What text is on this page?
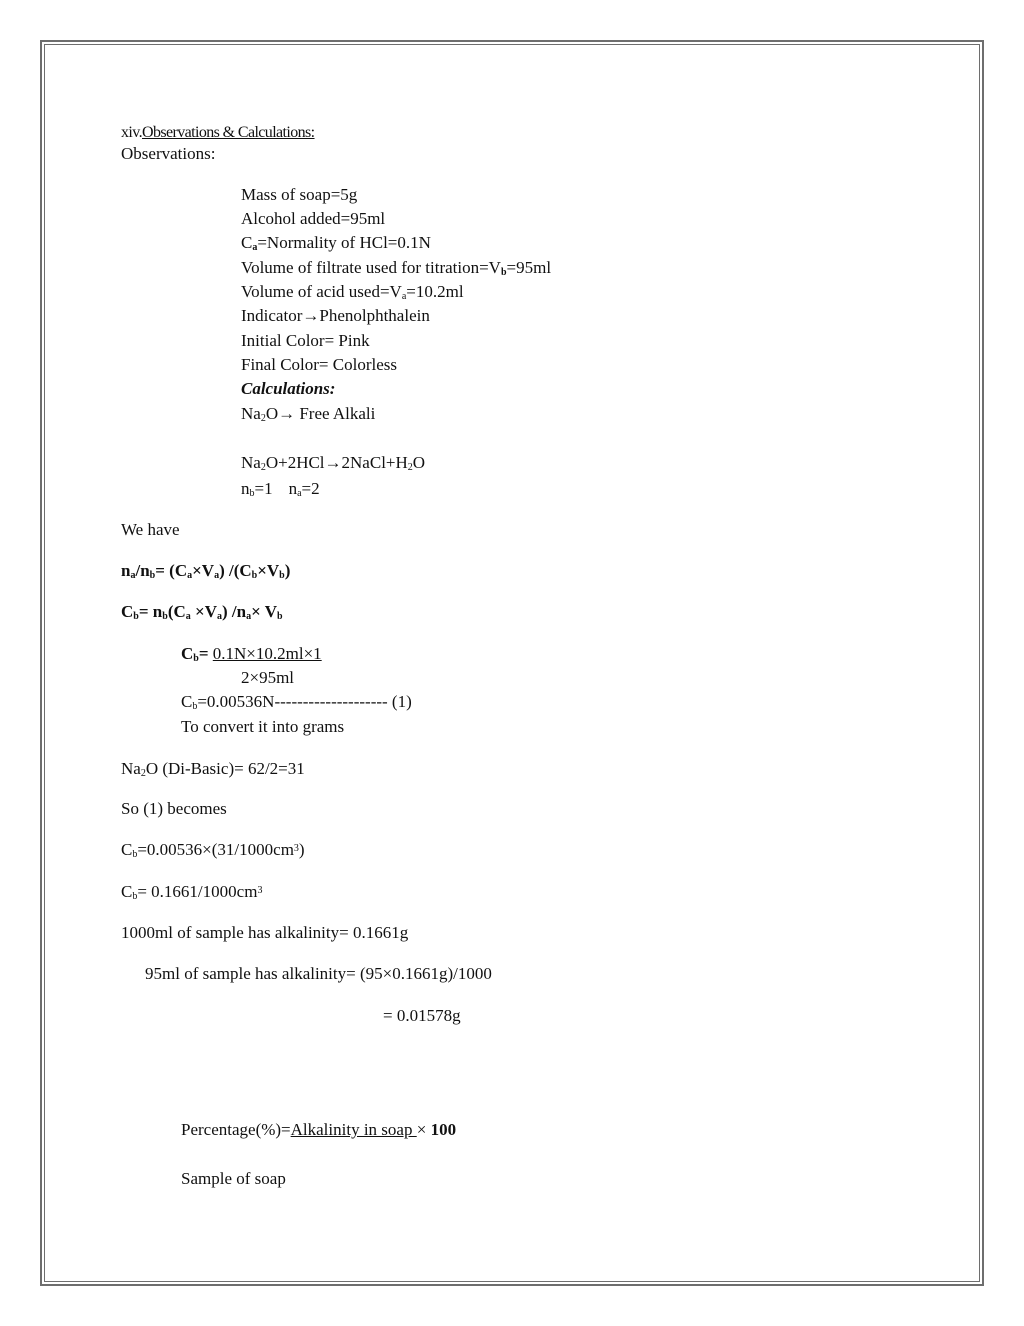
xiv.Observations & Calculations:
Observations:
Mass of soap=5g
Alcohol added=95ml
$C_a=Normality$ of HCl=0.1N
Volume of filtrate used for $titration=V_b=95ml$
Volume of acid $used=V_a=10.2ml$
Indicator→Phenolphthalein
Initial Color= Pink
Final Color= Colorless
Calculations:
$Na_2O\to$ Free Alkali
$Na_2O+2HCl\to 2NaCl+H_2O$
$n_b=1$ $n_a=2$
We have
$n_a/n_b= (C_a\times V_a)$ $/(C_b\times V_b)$
$C_b= n_b(C_a \times V_a)$ $/n_a\times V_b$
$C_b= 0.1N\times 10.2ml\times 1$
2×95ml
$C_b=0.00536N--------------------$ (1)
To convert it into grams
$Na_2O$ (Di-Basic)= 62/2=31
So (1) becomes
$C_b=0.00536\times(31/1000cm^3)$
$C_b= 0.1661/1000cm^3$
1000ml of sample has alkalinity= 0.1661g
95ml of sample has alkalinity= (95×0.1661g)/1000
= 0.01578g
Percentage(%)=Alkalinity in soap × 100
Sample of soap
